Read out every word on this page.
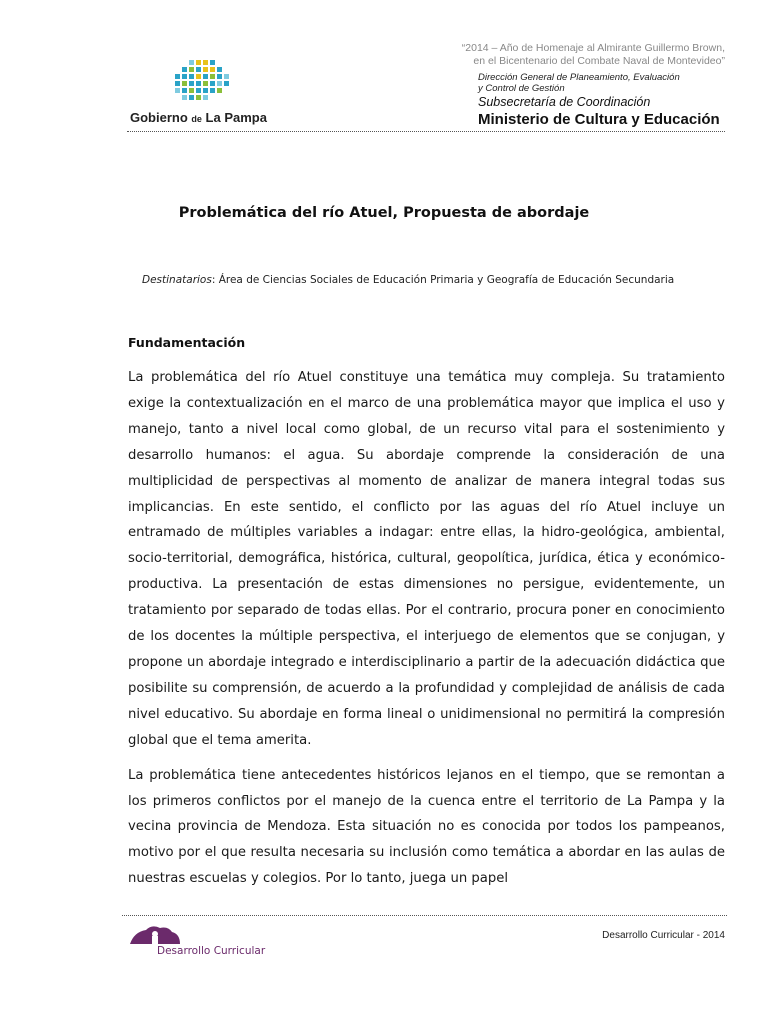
“2014 – Año de Homenaje al Almirante Guillermo Brown,
en el Bicentenario del Combate Naval de Montevideo”
Gobierno de La Pampa
Dirección General de Planeamiento, Evaluación
y Control de Gestión
Subsecretaría de Coordinación
Ministerio de Cultura y Educación
Problemática del río Atuel, Propuesta de abordaje
Destinatarios: Área de Ciencias Sociales de Educación Primaria y Geografía de Educación Secundaria
Fundamentación

La problemática del río Atuel constituye una temática muy compleja. Su tratamiento exige la contextualización en el marco de una problemática mayor que implica el uso y manejo, tanto a nivel local como global, de un recurso vital para el sostenimiento y desarrollo humanos: el agua. Su abordaje comprende la consideración de una multiplicidad de perspectivas al momento de analizar de manera integral todas sus implicancias. En este sentido, el conflicto por las aguas del río Atuel incluye un entramado de múltiples variables a indagar: entre ellas, la hidro-geológica, ambiental, socio-territorial, demográfica, histórica, cultural, geopolítica, jurídica, ética y económico-productiva. La presentación de estas dimensiones no persigue, evidentemente, un tratamiento por separado de todas ellas. Por el contrario, procura poner en conocimiento de los docentes la múltiple perspectiva, el interjuego de elementos que se conjugan, y propone un abordaje integrado e interdisciplinario a partir de la adecuación didáctica que posibilite su comprensión, de acuerdo a la profundidad y complejidad de análisis de cada nivel educativo. Su abordaje en forma lineal o unidimensional no permitirá la compresión global que el tema amerita.

La problemática tiene antecedentes históricos lejanos en el tiempo, que se remontan a los primeros conflictos por el manejo de la cuenca entre el territorio de La Pampa y la vecina provincia de Mendoza. Esta situación no es conocida por todos los pampeanos, motivo por el que resulta necesaria su inclusión como temática a abordar en las aulas de nuestras escuelas y colegios. Por lo tanto, juega un papel

Desarrollo Curricular
Desarrollo Curricular - 2014
